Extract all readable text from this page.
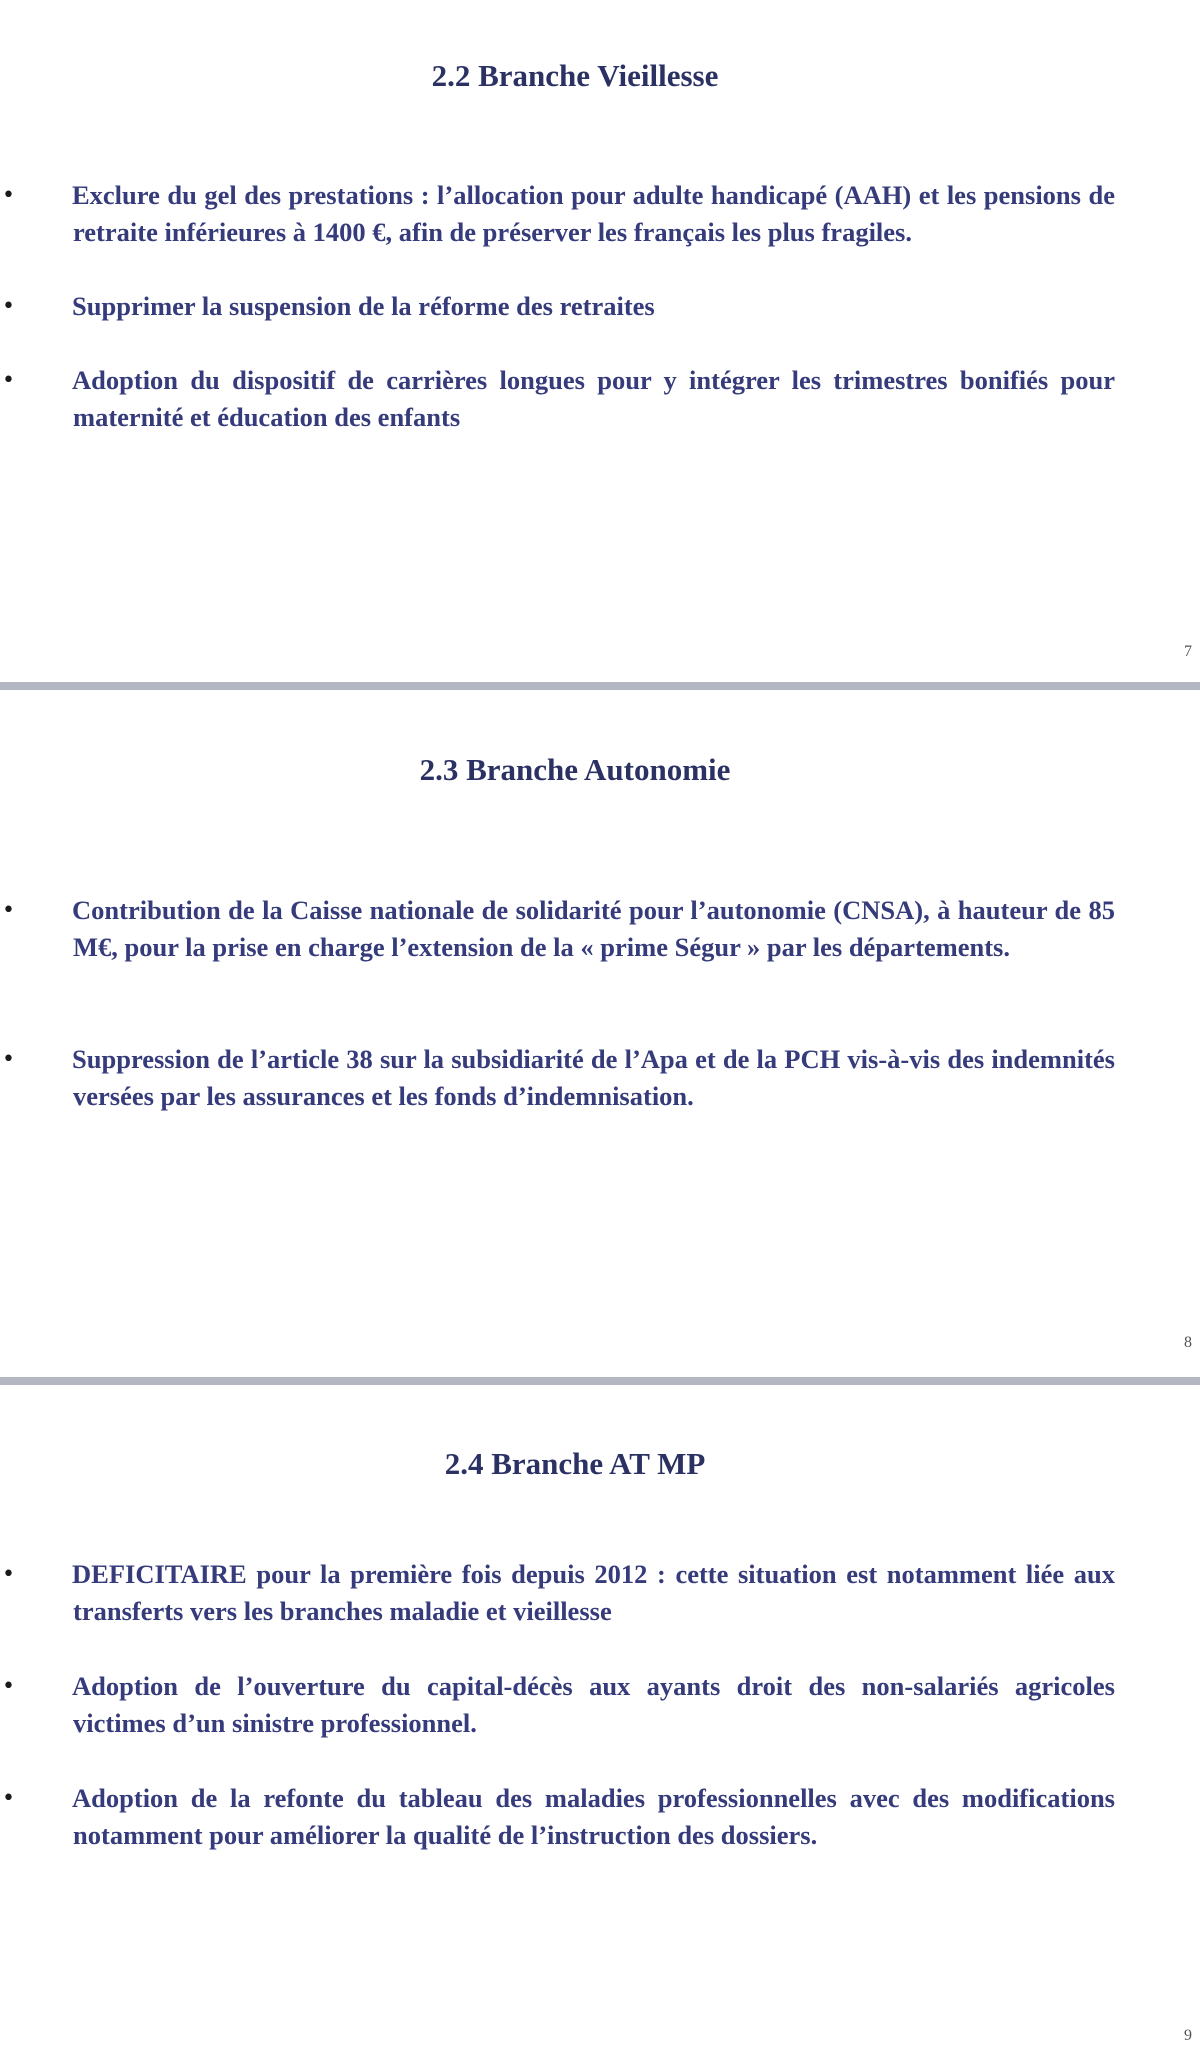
2.2 Branche Vieillesse
• Exclure du gel des prestations : l’allocation pour adulte handicapé (AAH) et les pensions de retraite inférieures à 1400 €, afin de préserver les français les plus fragiles.
• Supprimer la suspension de la réforme des retraites
• Adoption du dispositif de carrières longues pour y intégrer les trimestres bonifiés pour maternité et éducation des enfants
7
2.3 Branche Autonomie
• Contribution de la Caisse nationale de solidarité pour l’autonomie (CNSA), à hauteur de 85 M€, pour la prise en charge l’extension de la « prime Ségur » par les départements.
• Suppression de l’article 38 sur la subsidiarité de l’Apa et de la PCH vis-à-vis des indemnités versées par les assurances et les fonds d’indemnisation.
8
2.4 Branche AT MP
• DEFICITAIRE pour la première fois depuis 2012 : cette situation est notamment liée aux transferts vers les branches maladie et vieillesse
• Adoption de l’ouverture du capital-décès aux ayants droit des non-salariés agricoles victimes d’un sinistre professionnel.
• Adoption de la refonte du tableau des maladies professionnelles avec des modifications notamment pour améliorer la qualité de l’instruction des dossiers.
9
